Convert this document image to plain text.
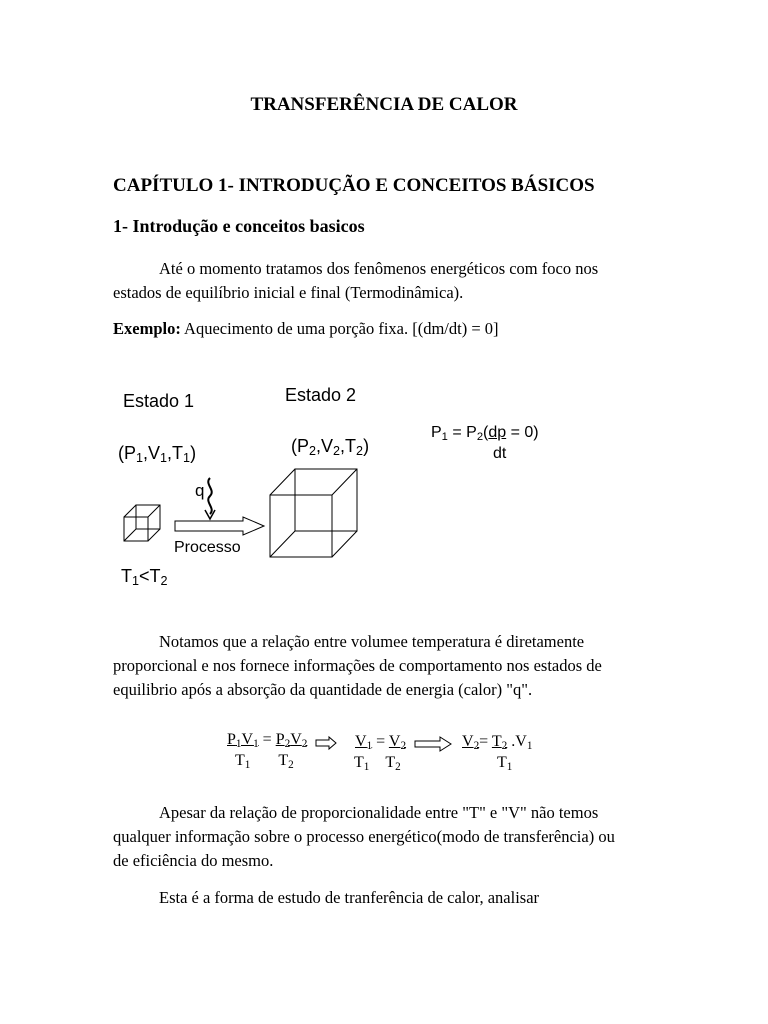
TRANSFERÊNCIA DE CALOR
CAPÍTULO 1- INTRODUÇÃO E CONCEITOS BÁSICOS
1- Introdução e conceitos basicos
Até o momento tratamos dos fenômenos energéticos com foco nos
estados de equilíbrio inicial e final (Termodinâmica).
Exemplo: Aquecimento de uma porção fixa. [(dm/dt) = 0]
Estado 1	Estado 2
$(P_1,V_1,T_1)$	$(P_2,V_2,T_2)$
$P_1 = P_2(dp = 0)$
dt
q
Processo
$T_1<T_2$
Notamos que a relação entre volumee temperatura é diretamente
proporcional e nos fornece informações de comportamento nos estados de
equilibrio após a absorção da quantidade de energia (calor) "q".
$P_1V_1 = P_2V_2$
$T_1$       $T_2$
$V_1 = V_2$
$T_1$    $T_2$
$V_2= T_2$ $.V_1$
$T_1$
Apesar da relação de proporcionalidade entre "T" e "V" não temos
qualquer informação sobre o processo energético(modo de transferência) ou
de eficiência do mesmo.
Esta é a forma de estudo de tranferência de calor, analisar
